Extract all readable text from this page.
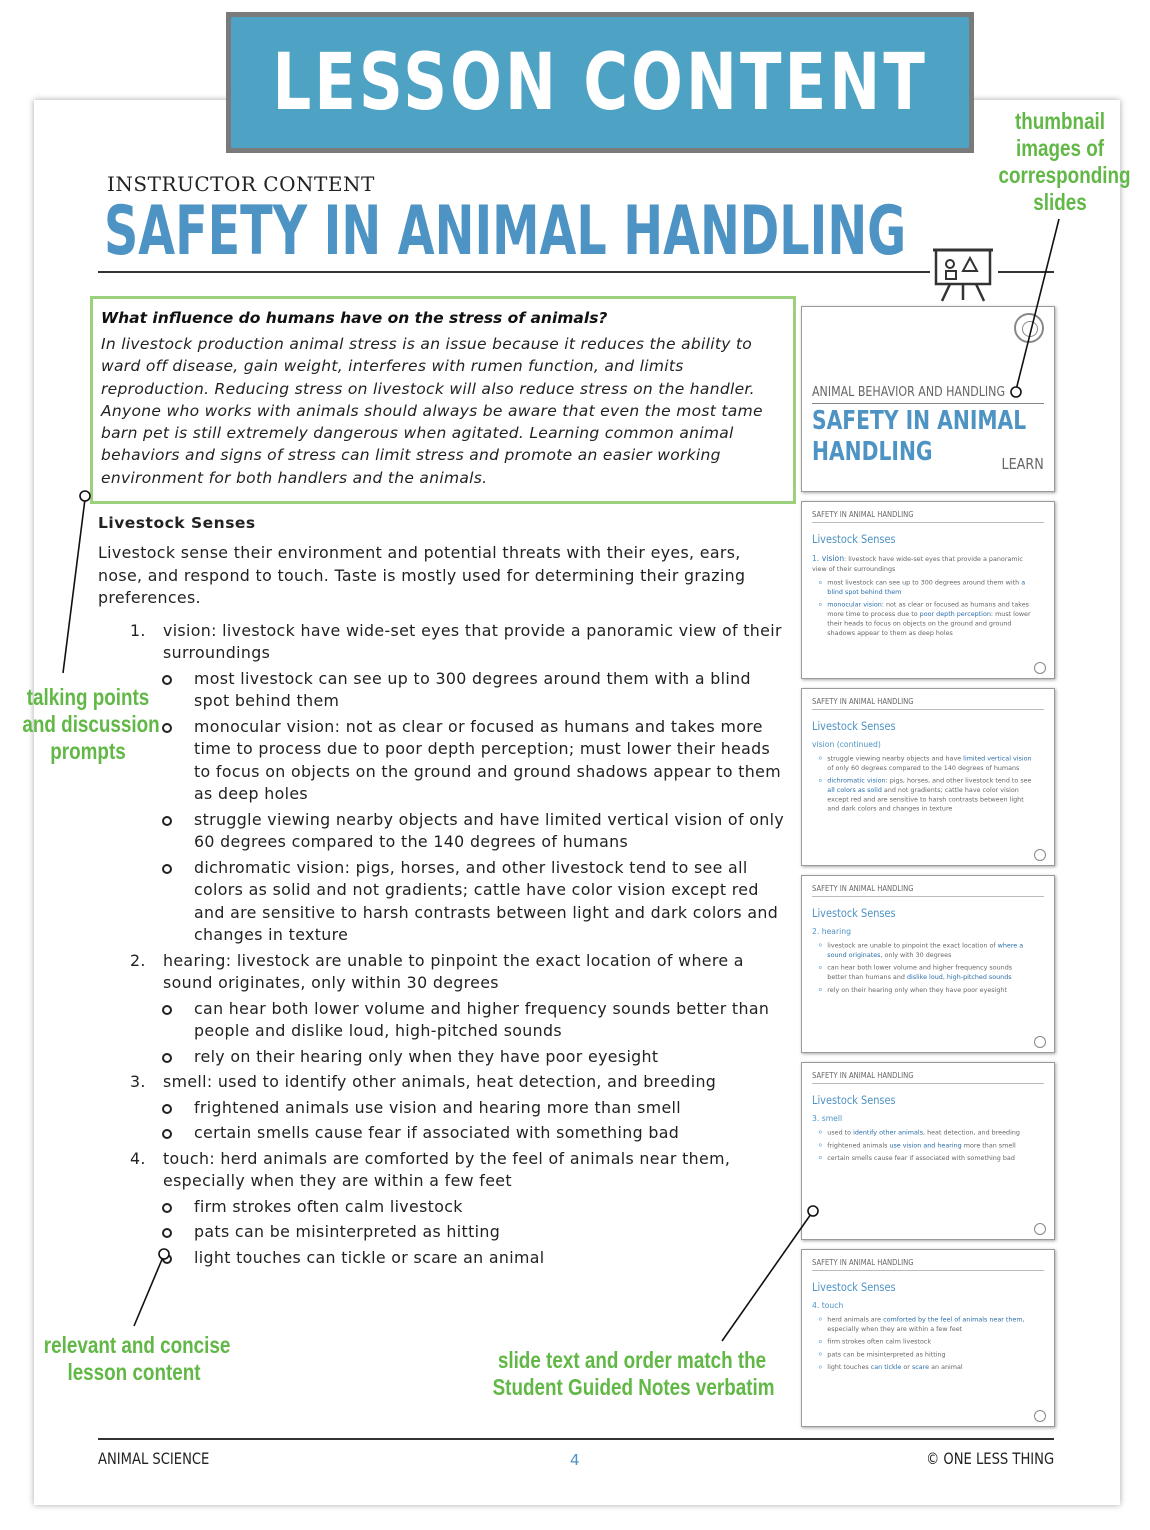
LESSON CONTENT
INSTRUCTOR CONTENT
SAFETY IN ANIMAL HANDLING
What influence do humans have on the stress of animals?
In livestock production animal stress is an issue because it reduces the ability to ward off disease, gain weight, interferes with rumen function, and limits reproduction. Reducing stress on livestock will also reduce stress on the handler. Anyone who works with animals should always be aware that even the most tame barn pet is still extremely dangerous when agitated. Learning common animal behaviors and signs of stress can limit stress and promote an easier working environment for both handlers and the animals.
Livestock Senses
Livestock sense their environment and potential threats with their eyes, ears, nose, and respond to touch. Taste is mostly used for determining their grazing preferences.
1. vision: livestock have wide-set eyes that provide a panoramic view of their surroundings
most livestock can see up to 300 degrees around them with a blind spot behind them
monocular vision: not as clear or focused as humans and takes more time to process due to poor depth perception; must lower their heads to focus on objects on the ground and ground shadows appear to them as deep holes
struggle viewing nearby objects and have limited vertical vision of only 60 degrees compared to the 140 degrees of humans
dichromatic vision: pigs, horses, and other livestock tend to see all colors as solid and not gradients; cattle have color vision except red and are sensitive to harsh contrasts between light and dark colors and changes in texture
2. hearing: livestock are unable to pinpoint the exact location of where a sound originates, only within 30 degrees
can hear both lower volume and higher frequency sounds better than people and dislike loud, high-pitched sounds
rely on their hearing only when they have poor eyesight
3. smell: used to identify other animals, heat detection, and breeding
frightened animals use vision and hearing more than smell
certain smells cause fear if associated with something bad
4. touch: herd animals are comforted by the feel of animals near them, especially when they are within a few feet
firm strokes often calm livestock
pats can be misinterpreted as hitting
light touches can tickle or scare an animal
ANIMAL BEHAVIOR AND HANDLING
SAFETY IN ANIMAL
HANDLING	LEARN
SAFETY IN ANIMAL HANDLING
Livestock Senses
1. vision: livestock have wide-set eyes that provide a panoramic view of their surroundings
o most livestock can see up to 300 degrees around them with a blind spot behind them
o monocular vision: not as clear or focused as humans and takes more time to process due to poor depth perception: must lower their heads to focus on objects on the ground and ground shadows appear to them as deep holes
SAFETY IN ANIMAL HANDLING
Livestock Senses
vision (continued)
o struggle viewing nearby objects and have limited vertical vision of only 60 degrees compared to the 140 degrees of humans
o dichromatic vision: pigs, horses, and other livestock tend to see all colors as solid and not gradients; cattle have color vision except red and are sensitive to harsh contrasts between light and dark colors and changes in texture
SAFETY IN ANIMAL HANDLING
Livestock Senses
2. hearing
o livestock are unable to pinpoint the exact location of where a sound originates, only with 30 degrees
o can hear both lower volume and higher frequency sounds better than humans and dislike loud, high-pitched sounds
o rely on their hearing only when they have poor eyesight
SAFETY IN ANIMAL HANDLING
Livestock Senses
3. smell
o used to identify other animals, heat detection, and breeding
o frightened animals use vision and hearing more than smell
o certain smells cause fear if associated with something bad
SAFETY IN ANIMAL HANDLING
Livestock Senses
4. touch
o herd animals are comforted by the feel of animals near them, especially when they are within a few feet
o firm strokes often calm livestock
o pats can be misinterpreted as hitting
o light touches can tickle or scare an animal
ANIMAL SCIENCE	4	© ONE LESS THING
thumbnail
images of
corresponding
slides
talking points
and discussion
prompts
relevant and concise
lesson content	slide text and order match the
Student Guided Notes verbatim
